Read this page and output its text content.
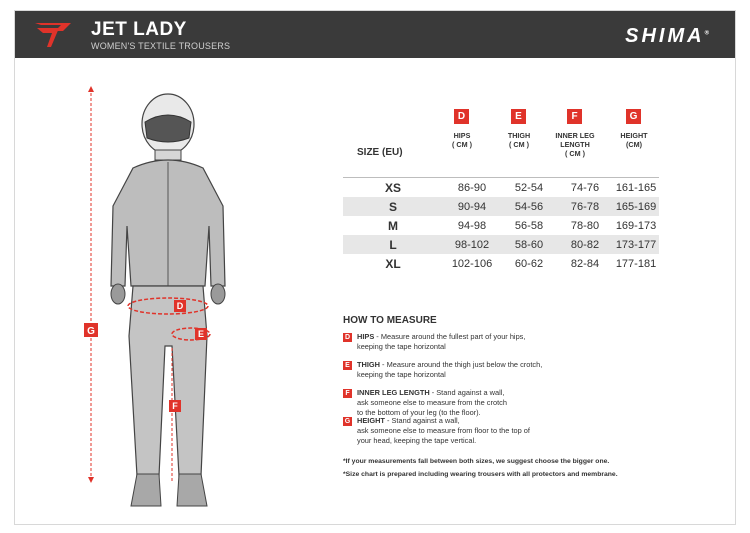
JET LADY
WOMEN'S TEXTILE TROUSERS	SHIMA®
G
D
E
F
D	E	F	G
HIPS
( CM )
THIGH
( CM )
INNER LEG
LENGTH
( CM )
HEIGHT
(CM)
SIZE (EU)
XS	86-90	52-54	74-76	161-165
S	90-94	54-56	76-78	165-169
M	94-98	56-58	78-80	169-173
L	98-102	58-60	80-82	173-177
XL	102-106	60-62	82-84	177-181
HOW TO MEASURE
D HIPS - Measure around the fullest part of your hips,
keeping the tape horizontal
E THIGH - Measure around the thigh just below the crotch,
keeping the tape horizontal
F INNER LEG LENGTH - Stand against a wall,
ask someone else to measure from the crotch
to the bottom of your leg (to the floor).
G HEIGHT - Stand against a wall,
ask someone else to measure from floor to the top of
your head, keeping the tape vertical.
*If your measurements fall between both sizes, we suggest choose the bigger one.
*Size chart is prepared including wearing trousers with all protectors and membrane.
